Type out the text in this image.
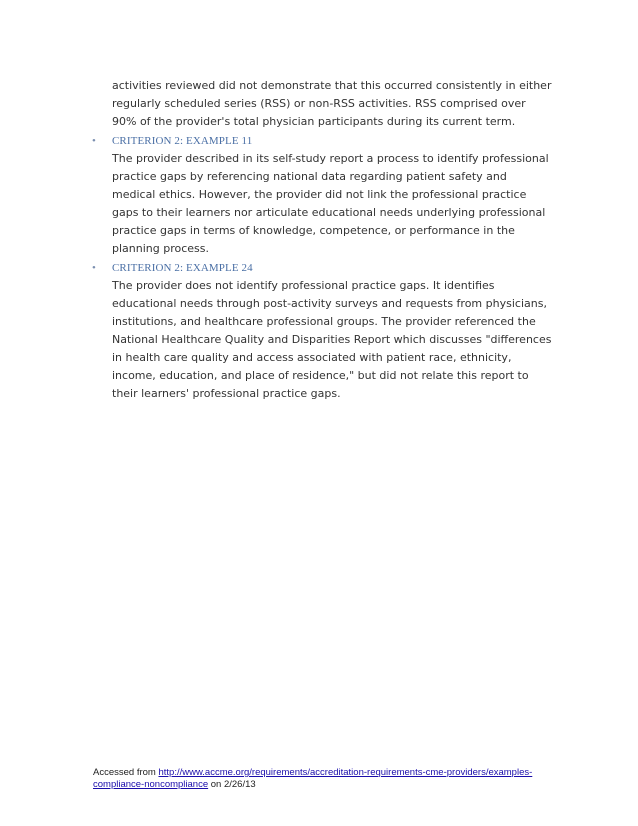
activities reviewed did not demonstrate that this occurred consistently in either regularly scheduled series (RSS) or non-RSS activities. RSS comprised over 90% of the provider's total physician participants during its current term.

•	CRITERION 2: EXAMPLE 11

The provider described in its self-study report a process to identify professional practice gaps by referencing national data regarding patient safety and medical ethics. However, the provider did not link the professional practice gaps to their learners nor articulate educational needs underlying professional practice gaps in terms of knowledge, competence, or performance in the planning process.

•	CRITERION 2: EXAMPLE 24

The provider does not identify professional practice gaps. It identifies educational needs through post-activity surveys and requests from physicians, institutions, and healthcare professional groups. The provider referenced the National Healthcare Quality and Disparities Report which discusses "differences in health care quality and access associated with patient race, ethnicity, income, education, and place of residence," but did not relate this report to their learners' professional practice gaps.

Accessed from http://www.accme.org/requirements/accreditation-requirements-cme-providers/examples-compliance-noncompliance on 2/26/13
